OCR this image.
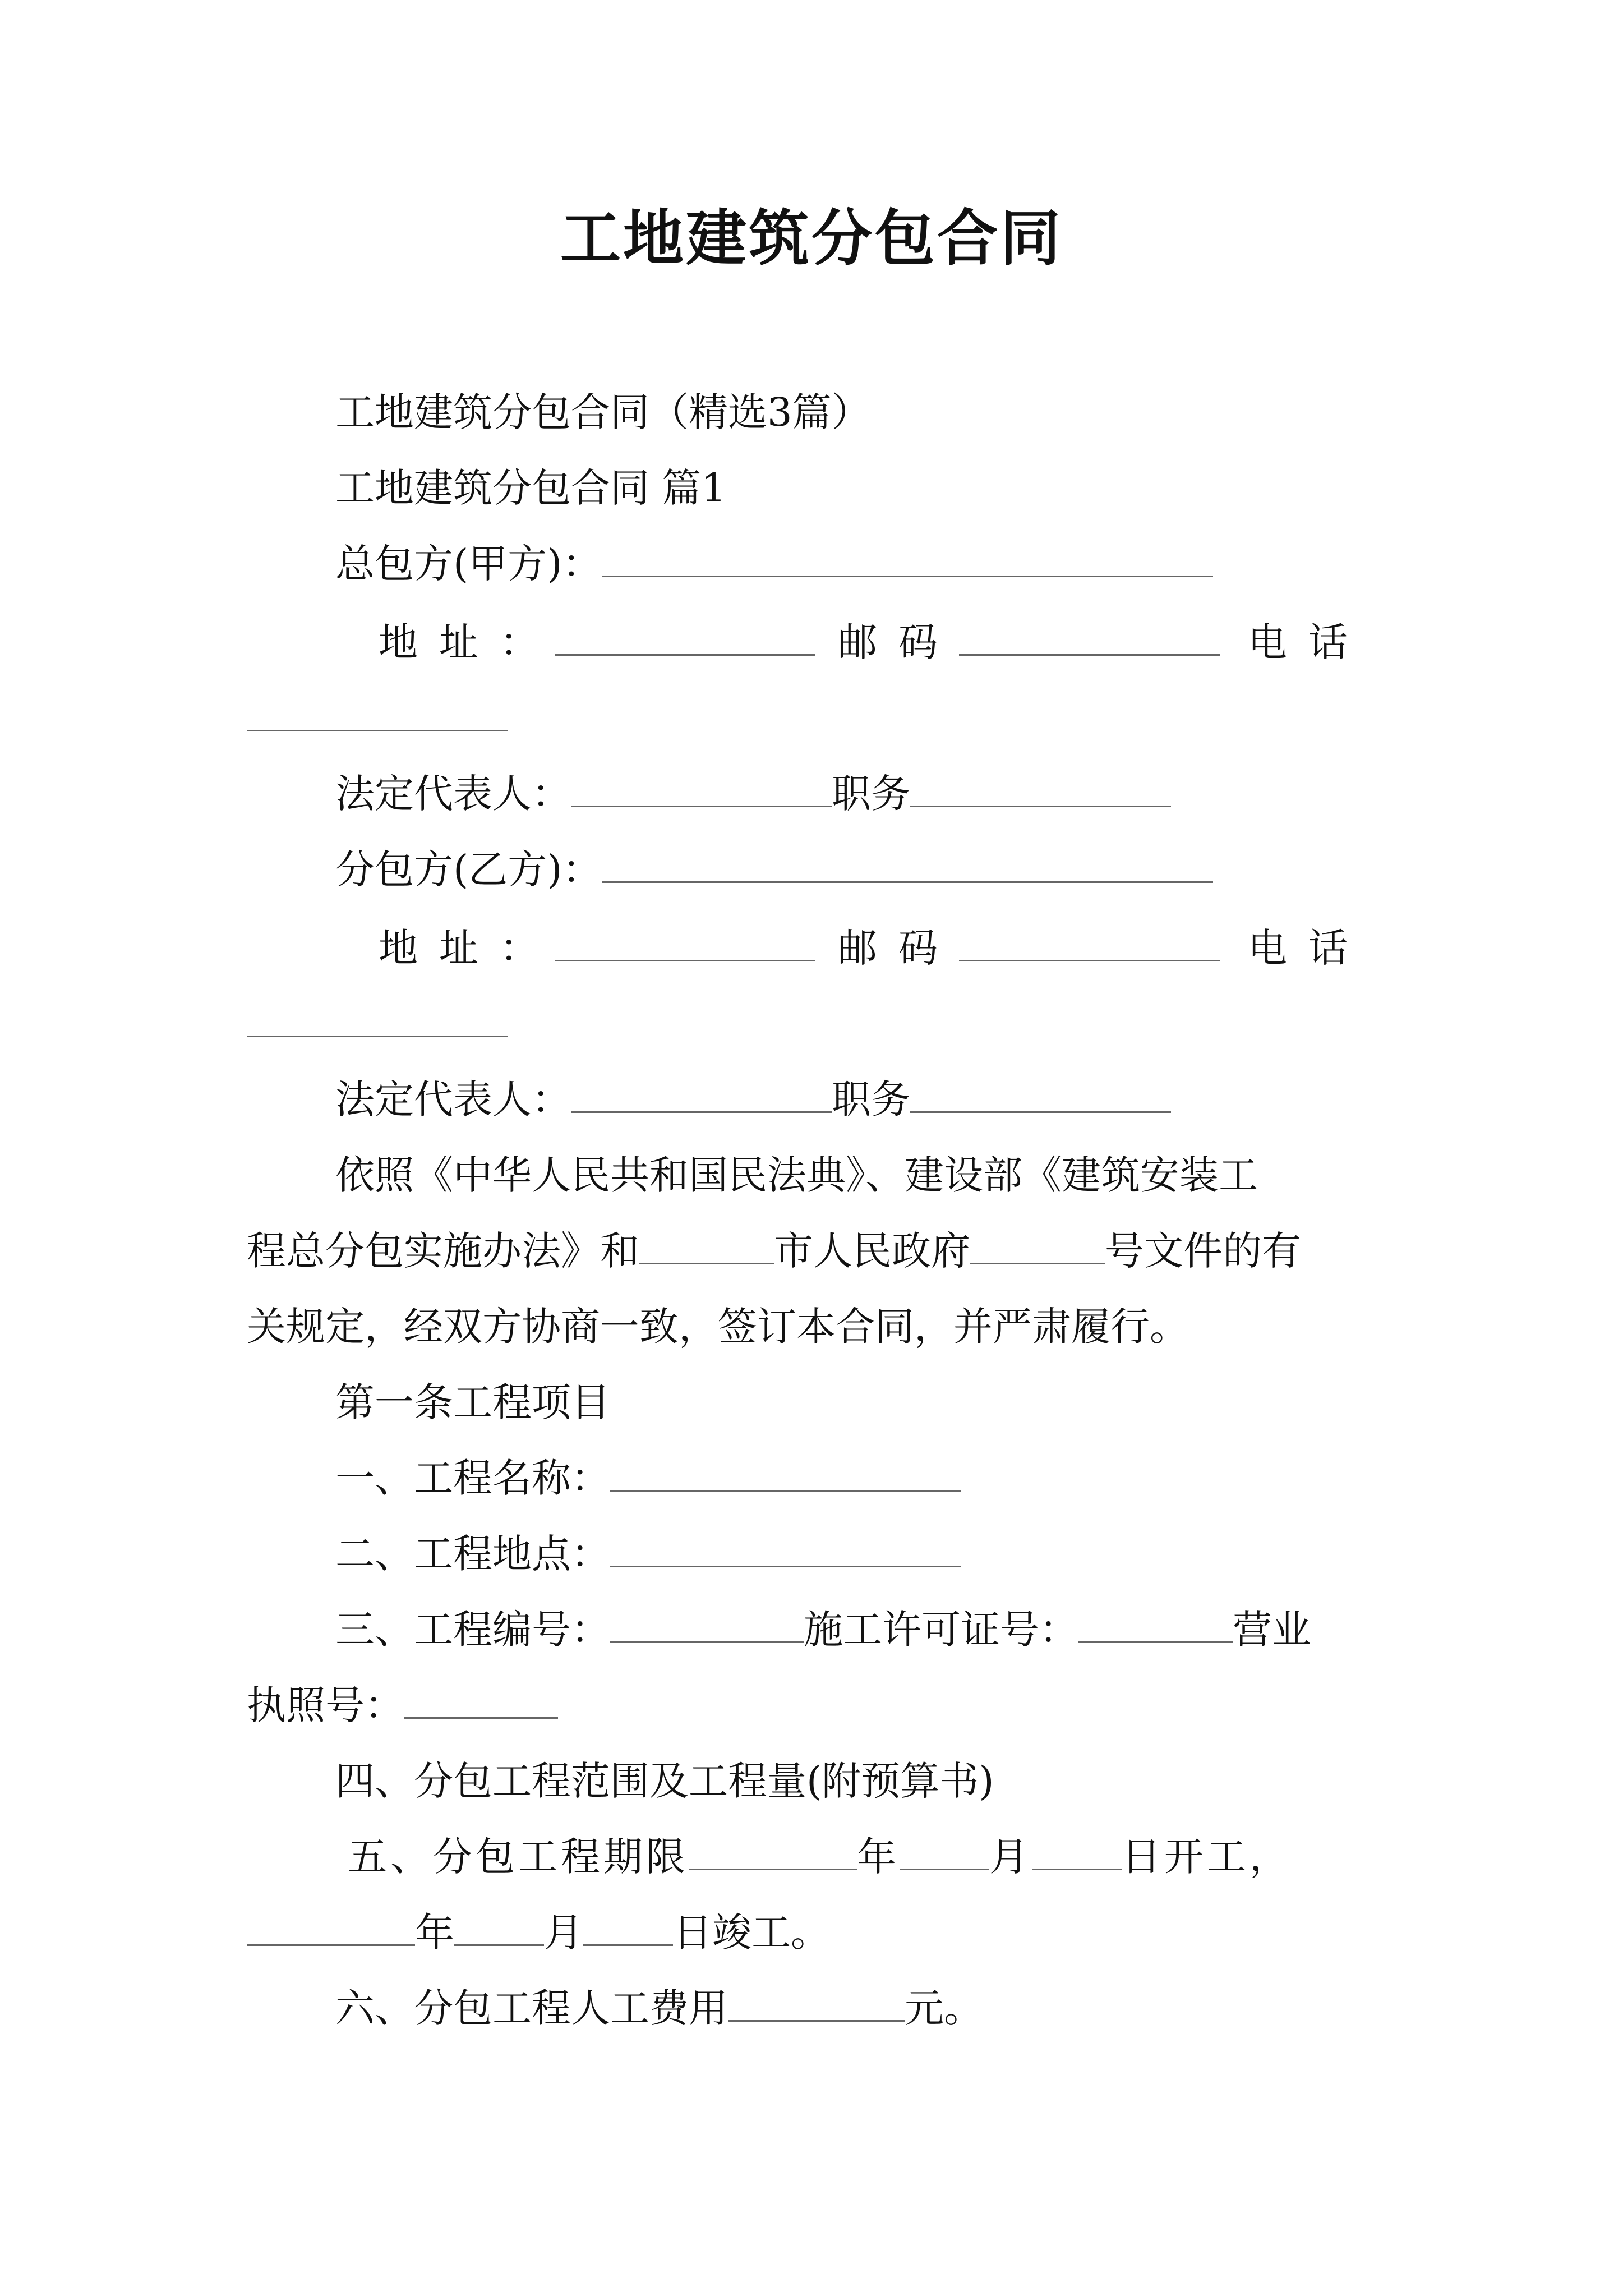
工地建筑分包合同
工地建筑分包合同（精选3篇）
工地建筑分包合同 篇1
总包方(甲方)：
地址：	邮码	电话
法定代表人：	职务
分包方(乙方)：
地址：	邮码	电话
法定代表人：	职务
依照《中华人民共和国民法典》、建设部《建筑安装工
程总分包实施办法》和	市人民政府	号文件的有
关规定，经双方协商一致，签订本合同，并严肃履行。
第一条工程项目
一、工程名称：
二、工程地点：
三、工程编号：	施工许可证号：	营业
执照号：
四、分包工程范围及工程量(附预算书)
五、分包工程期限	年 月 日开工，
年 月 日竣工。
六、分包工程人工费用	元。
